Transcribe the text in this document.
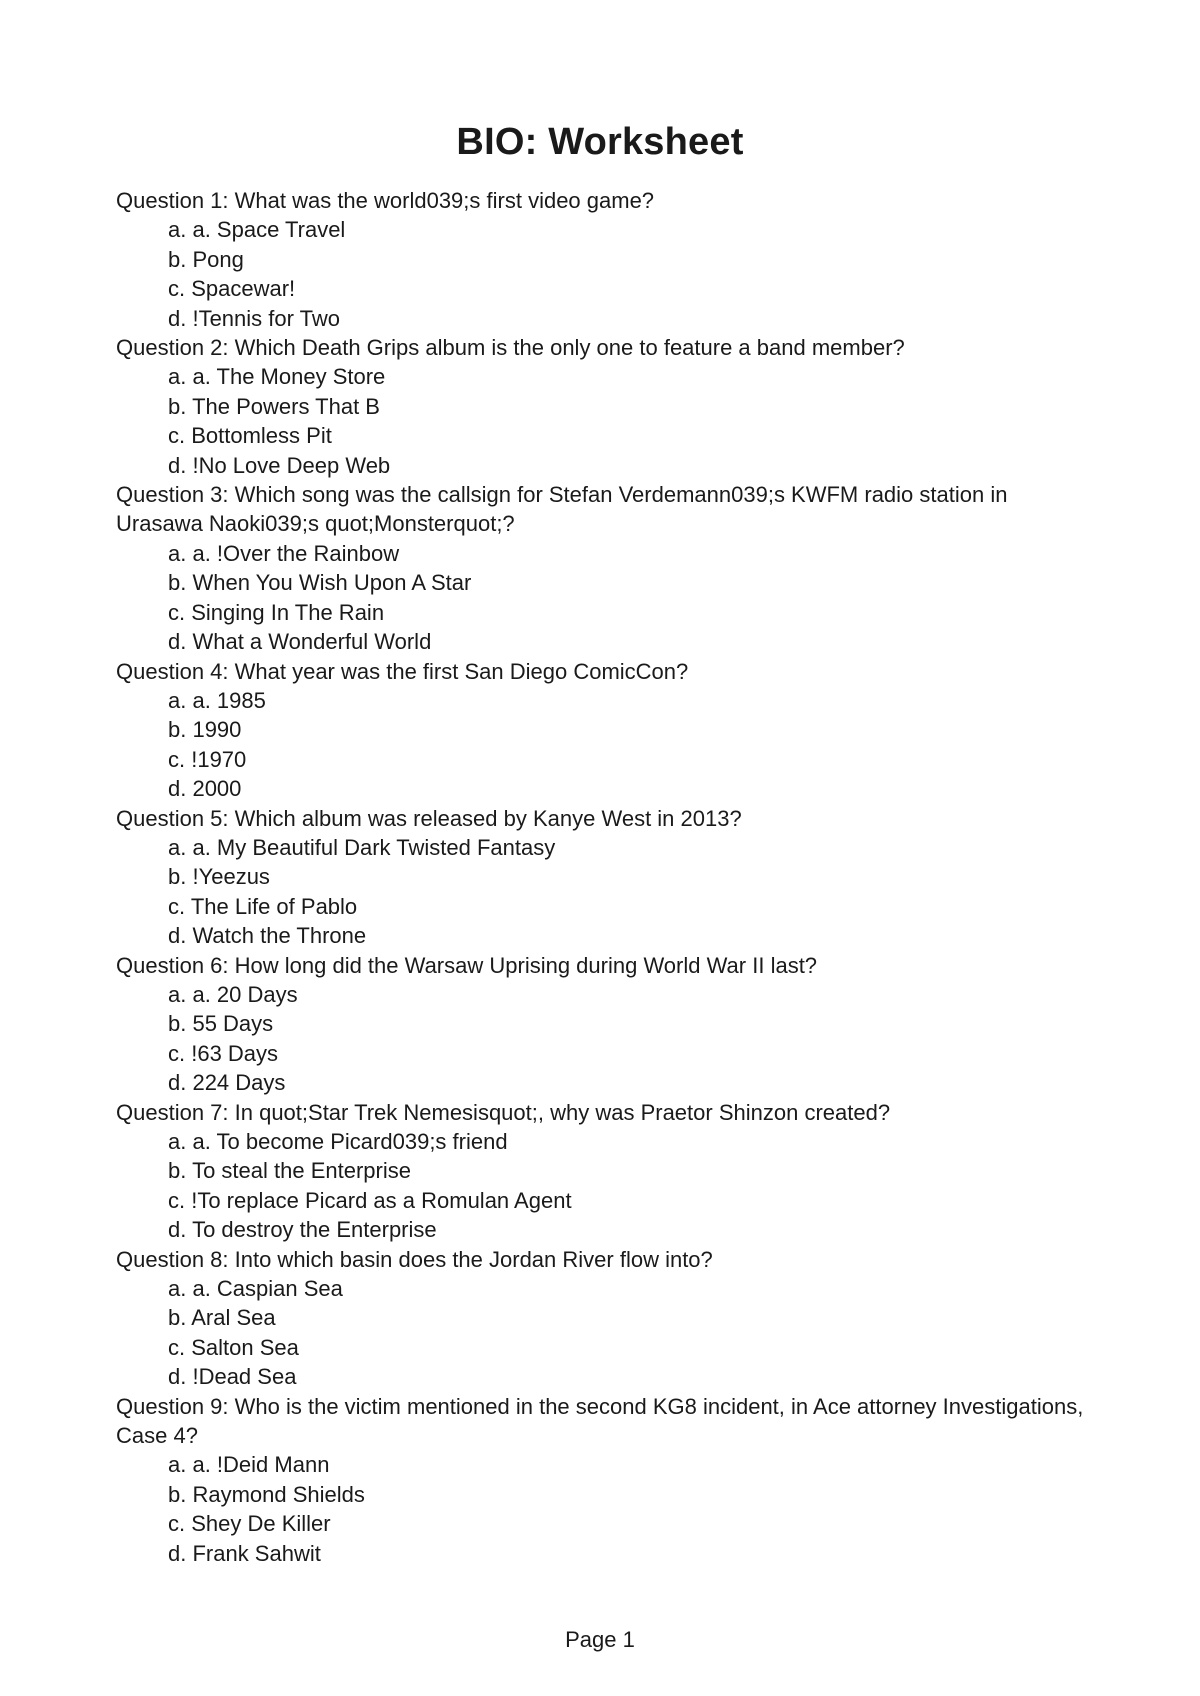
BIO: Worksheet
Question 1: What was the world039;s first video game?
a. a. Space Travel
b. Pong
c. Spacewar!
d. !Tennis for Two
Question 2: Which Death Grips album is the only one to feature a band member?
a. a. The Money Store
b. The Powers That B
c. Bottomless Pit
d. !No Love Deep Web
Question 3: Which song was the callsign for Stefan Verdemann039;s KWFM radio station in Urasawa Naoki039;s quot;Monsterquot;?
a. a. !Over the Rainbow
b. When You Wish Upon A Star
c. Singing In The Rain
d. What a Wonderful World
Question 4: What year was the first San Diego ComicCon?
a. a. 1985
b. 1990
c. !1970
d. 2000
Question 5: Which album was released by Kanye West in 2013?
a. a. My Beautiful Dark Twisted Fantasy
b. !Yeezus
c. The Life of Pablo
d. Watch the Throne
Question 6: How long did the Warsaw Uprising during World War II last?
a. a. 20 Days
b. 55 Days
c. !63 Days
d. 224 Days
Question 7: In quot;Star Trek Nemesisquot;, why was Praetor Shinzon created?
a. a. To become Picard039;s friend
b. To steal the Enterprise
c. !To replace Picard as a Romulan Agent
d. To destroy the Enterprise
Question 8: Into which basin does the Jordan River flow into?
a. a. Caspian Sea
b. Aral Sea
c. Salton Sea
d. !Dead Sea
Question 9: Who is the victim mentioned in the second KG8 incident, in Ace attorney Investigations, Case 4?
a. a. !Deid Mann
b. Raymond Shields
c. Shey De Killer
d. Frank Sahwit
Page 1
